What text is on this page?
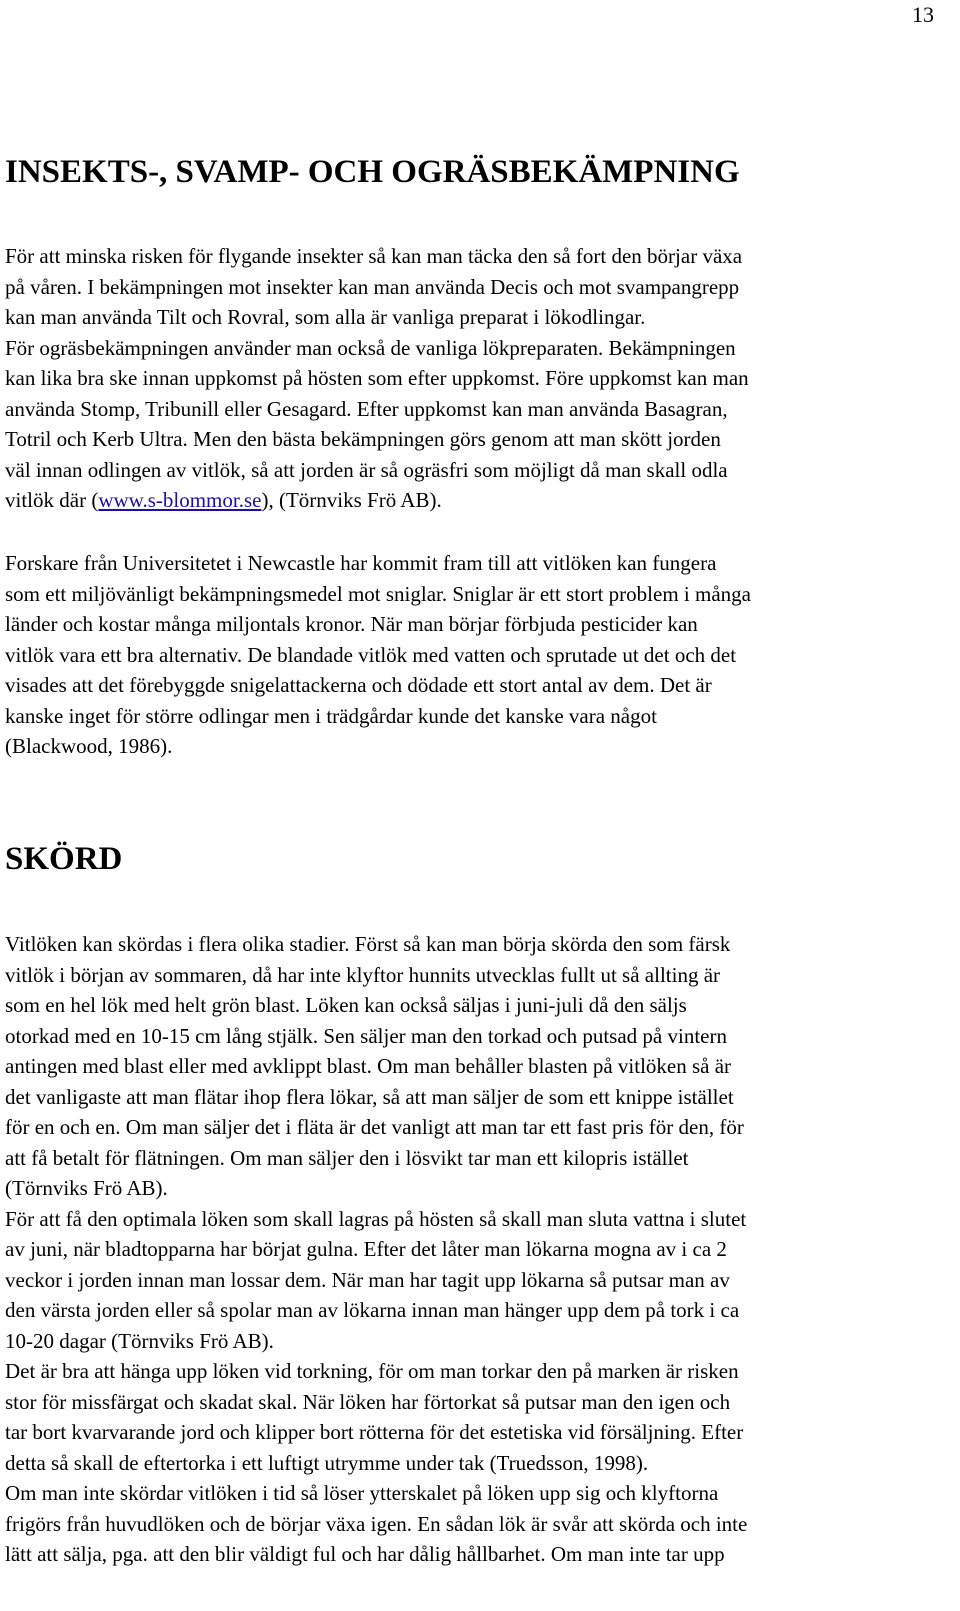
13
INSEKTS-, SVAMP- OCH OGRÄSBEKÄMPNING

För att minska risken för flygande insekter så kan man täcka den så fort den börjar växa
på våren. I bekämpningen mot insekter kan man använda Decis och mot svampangrepp
kan man använda Tilt och Rovral, som alla är vanliga preparat i lökodlingar.
För ogräsbekämpningen använder man också de vanliga lökpreparaten. Bekämpningen
kan lika bra ske innan uppkomst på hösten som efter uppkomst. Före uppkomst kan man
använda Stomp, Tribunill eller Gesagard. Efter uppkomst kan man använda Basagran,
Totril och Kerb Ultra. Men den bästa bekämpningen görs genom att man skött jorden
väl innan odlingen av vitlök, så att jorden är så ogräsfri som möjligt då man skall odla
vitlök där (www.s-blommor.se), (Törnviks Frö AB).

Forskare från Universitetet i Newcastle har kommit fram till att vitlöken kan fungera
som ett miljövänligt bekämpningsmedel mot sniglar. Sniglar är ett stort problem i många
länder och kostar många miljontals kronor. När man börjar förbjuda pesticider kan
vitlök vara ett bra alternativ. De blandade vitlök med vatten och sprutade ut det och det
visades att det förebyggde snigelattackerna och dödade ett stort antal av dem. Det är
kanske inget för större odlingar men i trädgårdar kunde det kanske vara något
(Blackwood, 1986).

SKÖRD

Vitlöken kan skördas i flera olika stadier. Först så kan man börja skörda den som färsk
vitlök i början av sommaren, då har inte klyftor hunnits utvecklas fullt ut så allting är
som en hel lök med helt grön blast. Löken kan också säljas i juni-juli då den säljs
otorkad med en 10-15 cm lång stjälk. Sen säljer man den torkad och putsad på vintern
antingen med blast eller med avklippt blast. Om man behåller blasten på vitlöken så är
det vanligaste att man flätar ihop flera lökar, så att man säljer de som ett knippe istället
för en och en. Om man säljer det i fläta är det vanligt att man tar ett fast pris för den, för
att få betalt för flätningen. Om man säljer den i lösvikt tar man ett kilopris istället
(Törnviks Frö AB).
För att få den optimala löken som skall lagras på hösten så skall man sluta vattna i slutet
av juni, när bladtopparna har börjat gulna. Efter det låter man lökarna mogna av i ca 2
veckor i jorden innan man lossar dem. När man har tagit upp lökarna så putsar man av
den värsta jorden eller så spolar man av lökarna innan man hänger upp dem på tork i ca
10-20 dagar (Törnviks Frö AB).
Det är bra att hänga upp löken vid torkning, för om man torkar den på marken är risken
stor för missfärgat och skadat skal. När löken har förtorkat så putsar man den igen och
tar bort kvarvarande jord och klipper bort rötterna för det estetiska vid försäljning. Efter
detta så skall de eftertorka i ett luftigt utrymme under tak (Truedsson, 1998).
Om man inte skördar vitlöken i tid så löser ytterskalet på löken upp sig och klyftorna
frigörs från huvudlöken och de börjar växa igen. En sådan lök är svår att skörda och inte
lätt att sälja, pga. att den blir väldigt ful och har dålig hållbarhet. Om man inte tar upp
